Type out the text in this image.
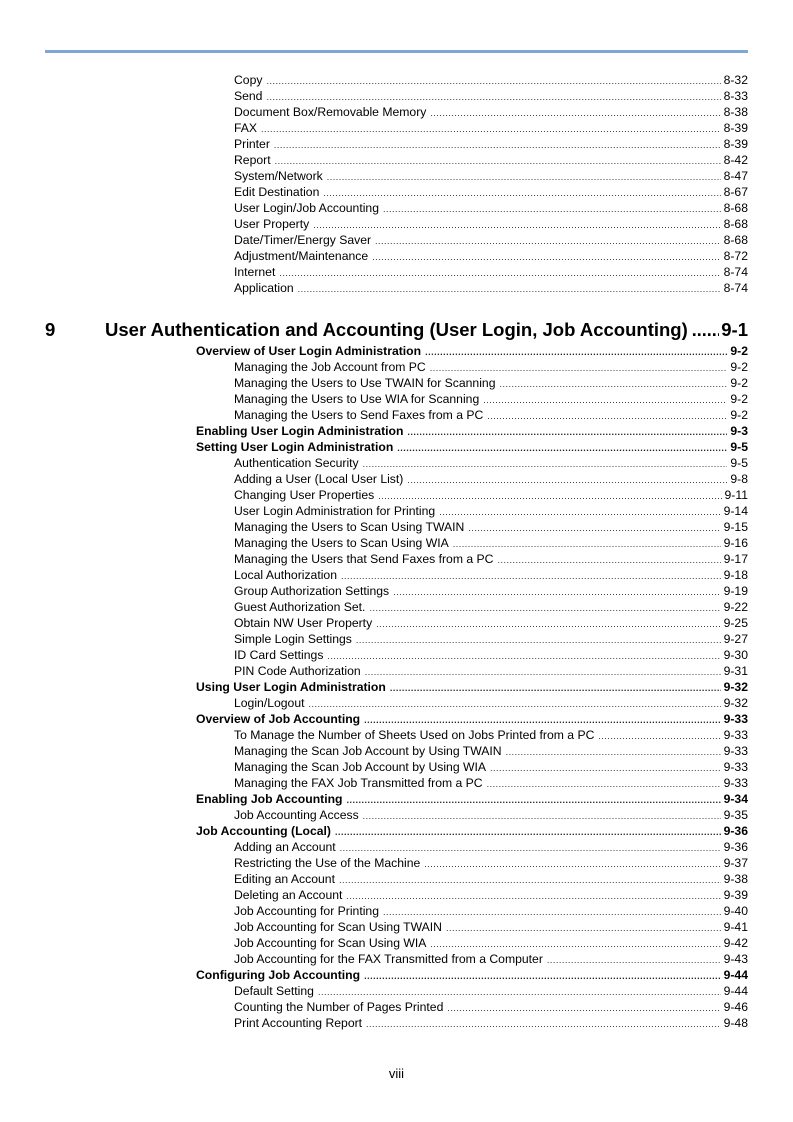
Copy .....	8-32
Send .....	8-33
Document Box/Removable Memory .....	8-38
FAX .....	8-39
Printer .....	8-39
Report .....	8-42
System/Network .....	8-47
Edit Destination .....	8-67
User Login/Job Accounting .....	8-68
User Property .....	8-68
Date/Timer/Energy Saver .....	8-68
Adjustment/Maintenance .....	8-72
Internet .....	8-74
Application .....	8-74
9	User Authentication and Accounting (User Login, Job Accounting) ..... 9-1
Overview of User Login Administration .....	9-2
Managing the Job Account from PC .....	9-2
Managing the Users to Use TWAIN for Scanning .....	9-2
Managing the Users to Use WIA for Scanning .....	9-2
Managing the Users to Send Faxes from a PC .....	9-2
Enabling User Login Administration .....	9-3
Setting User Login Administration .....	9-5
Authentication Security .....	9-5
Adding a User (Local User List) .....	9-8
Changing User Properties .....	9-11
User Login Administration for Printing .....	9-14
Managing the Users to Scan Using TWAIN .....	9-15
Managing the Users to Scan Using WIA .....	9-16
Managing the Users that Send Faxes from a PC .....	9-17
Local Authorization .....	9-18
Group Authorization Settings .....	9-19
Guest Authorization Set. .....	9-22
Obtain NW User Property .....	9-25
Simple Login Settings .....	9-27
ID Card Settings .....	9-30
PIN Code Authorization .....	9-31
Using User Login Administration .....	9-32
Login/Logout .....	9-32
Overview of Job Accounting .....	9-33
To Manage the Number of Sheets Used on Jobs Printed from a PC .....	9-33
Managing the Scan Job Account by Using TWAIN .....	9-33
Managing the Scan Job Account by Using WIA .....	9-33
Managing the FAX Job Transmitted from a PC .....	9-33
Enabling Job Accounting .....	9-34
Job Accounting Access .....	9-35
Job Accounting (Local) .....	9-36
Adding an Account .....	9-36
Restricting the Use of the Machine .....	9-37
Editing an Account .....	9-38
Deleting an Account .....	9-39
Job Accounting for Printing .....	9-40
Job Accounting for Scan Using TWAIN .....	9-41
Job Accounting for Scan Using WIA .....	9-42
Job Accounting for the FAX Transmitted from a Computer .....	9-43
Configuring Job Accounting .....	9-44
Default Setting .....	9-44
Counting the Number of Pages Printed .....	9-46
Print Accounting Report .....	9-48
viii
